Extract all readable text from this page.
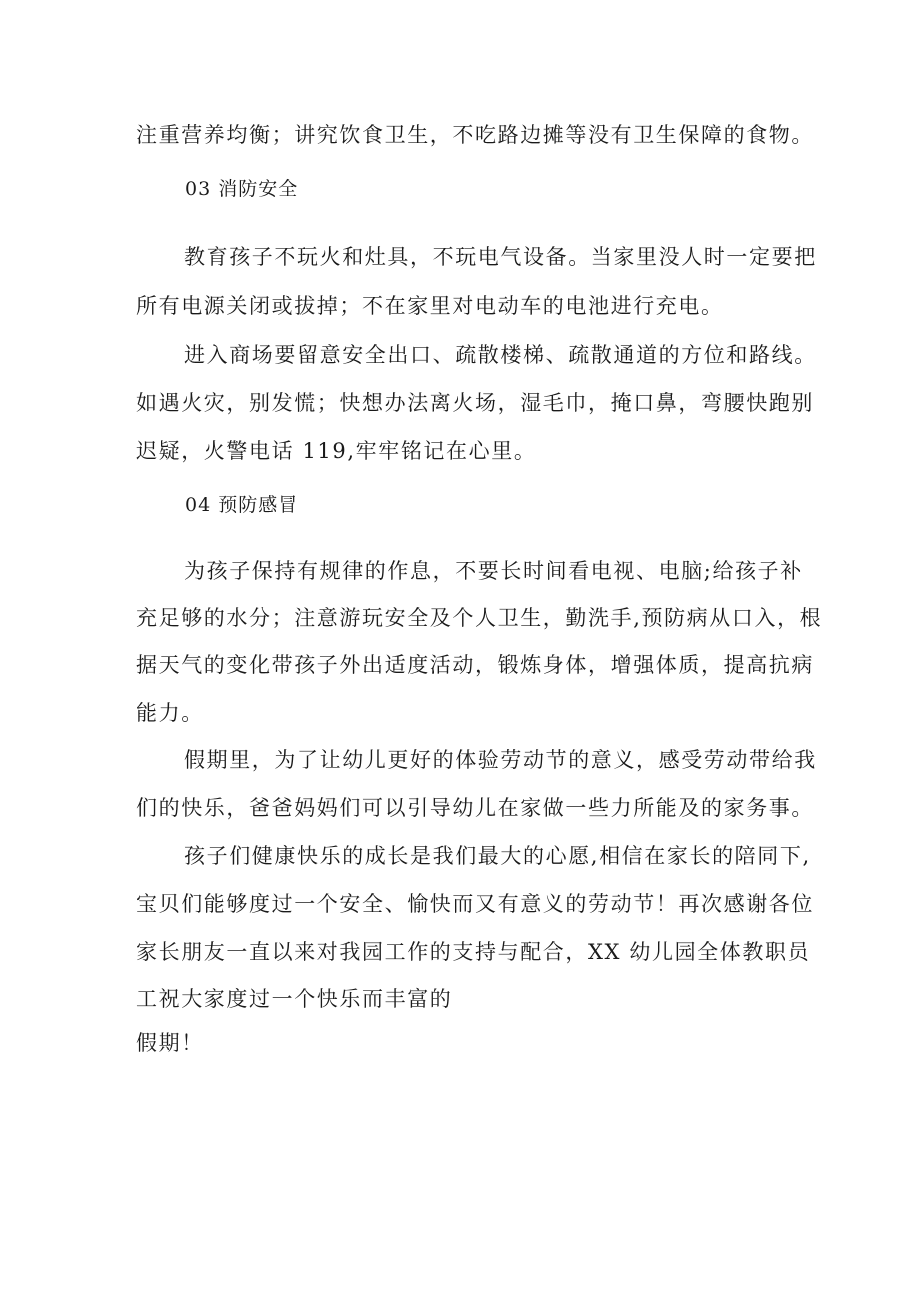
注重营养均衡；讲究饮食卫生，不吃路边摊等没有卫生保障的食物。
03 消防安全
教育孩子不玩火和灶具，不玩电气设备。当家里没人时一定要把
所有电源关闭或拔掉；不在家里对电动车的电池进行充电。
进入商场要留意安全出口、疏散楼梯、疏散通道的方位和路线。
如遇火灾，别发慌；快想办法离火场，湿毛巾，掩口鼻，弯腰快跑别
迟疑，火警电话 119,牢牢铭记在心里。
04 预防感冒
为孩子保持有规律的作息，不要长时间看电视、电脑;给孩子补
充足够的水分；注意游玩安全及个人卫生，勤洗手,预防病从口入，根
据天气的变化带孩子外出适度活动，锻炼身体，增强体质，提高抗病
能力。
假期里，为了让幼儿更好的体验劳动节的意义，感受劳动带给我
们的快乐，爸爸妈妈们可以引导幼儿在家做一些力所能及的家务事。
孩子们健康快乐的成长是我们最大的心愿,相信在家长的陪同下,
宝贝们能够度过一个安全、愉快而又有意义的劳动节！再次感谢各位
家长朋友一直以来对我园工作的支持与配合，XX 幼儿园全体教职员
工祝大家度过一个快乐而丰富的
假期！
